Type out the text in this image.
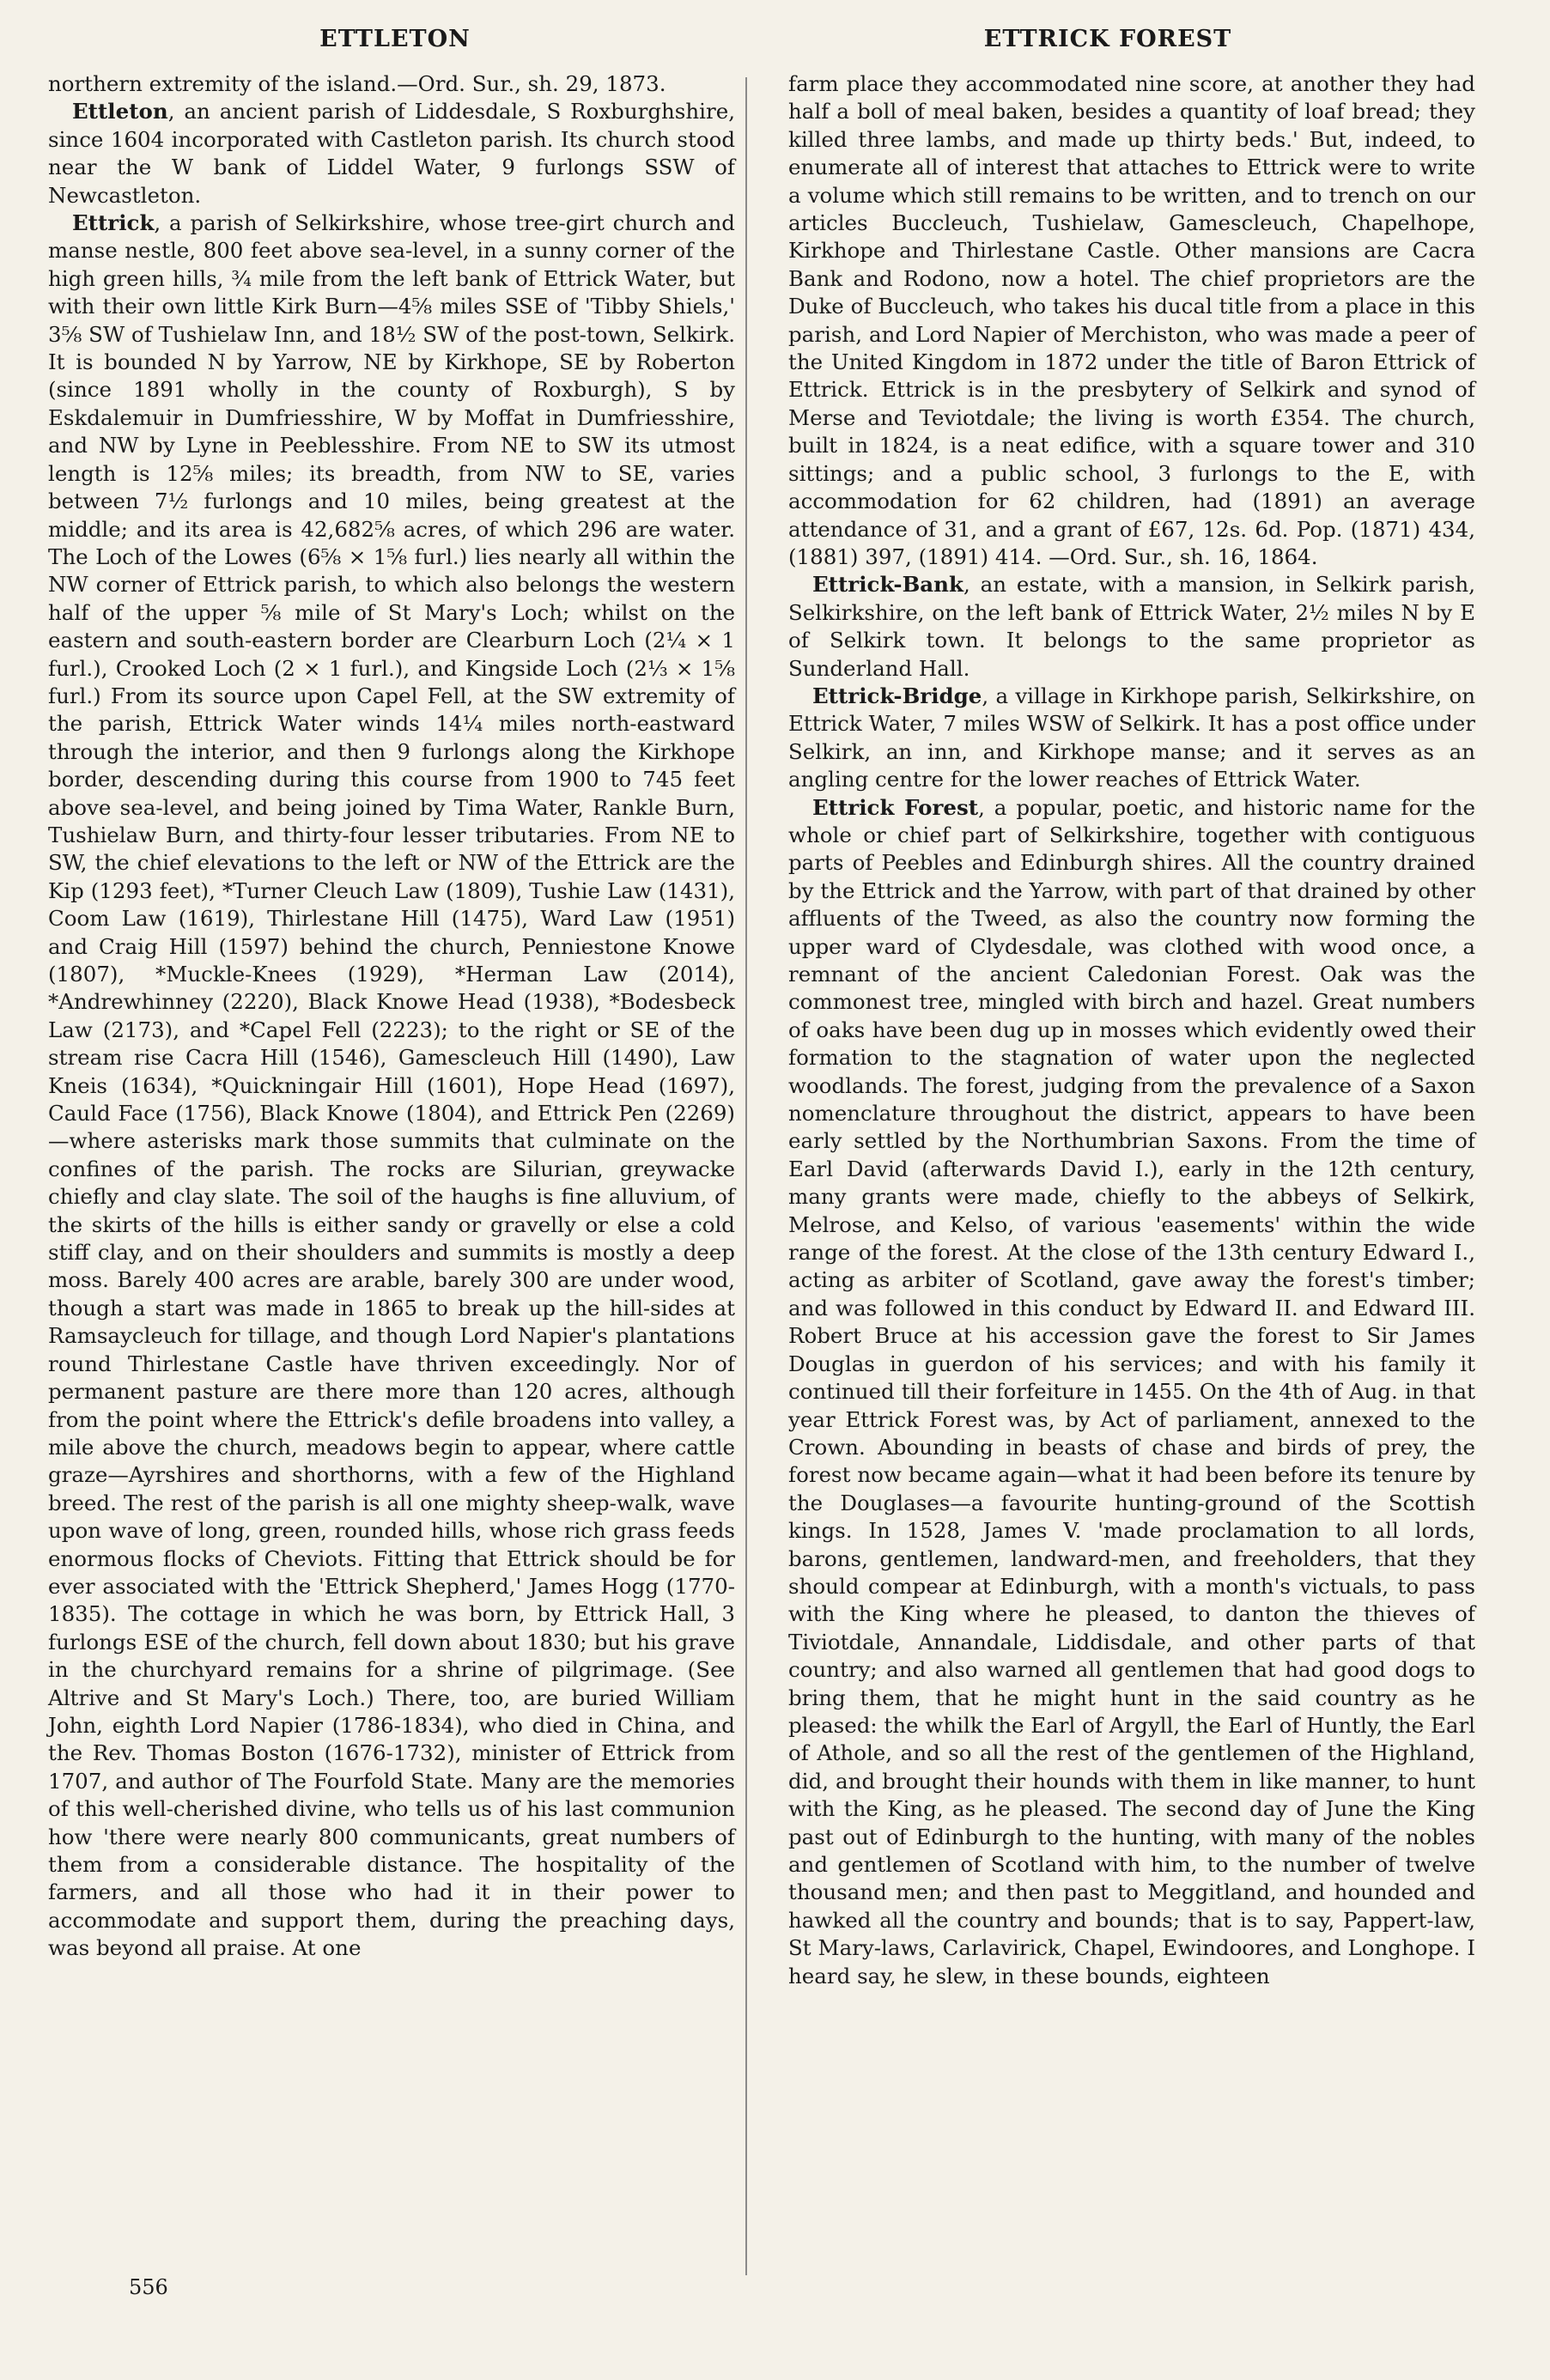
ETTLETON	ETTRICK FOREST

northern extremity of the island.—Ord. Sur., sh. 29, 1873.

Ettleton, an ancient parish of Liddesdale, S Roxburghshire, since 1604 incorporated with Castleton parish. Its church stood near the W bank of Liddel Water, 9 furlongs SSW of Newcastleton.

Ettrick, a parish of Selkirkshire, whose tree-girt church and manse nestle, 800 feet above sea-level, in a sunny corner of the high green hills, ¾ mile from the left bank of Ettrick Water, but with their own little Kirk Burn—4⅝ miles SSE of 'Tibby Shiels,' 3⅝ SW of Tushielaw Inn, and 18½ SW of the post-town, Selkirk. It is bounded N by Yarrow, NE by Kirkhope, SE by Roberton (since 1891 wholly in the county of Roxburgh), S by Eskdalemuir in Dumfriesshire, W by Moffat in Dumfriesshire, and NW by Lyne in Peeblesshire. From NE to SW its utmost length is 12⅝ miles; its breadth, from NW to SE, varies between 7½ furlongs and 10 miles, being greatest at the middle; and its area is 42,682⅝ acres, of which 296 are water. The Loch of the Lowes (6⅝ × 1⅝ furl.) lies nearly all within the NW corner of Ettrick parish, to which also belongs the western half of the upper ⅝ mile of St Mary's Loch; whilst on the eastern and south-eastern border are Clearburn Loch (2¼ × 1 furl.), Crooked Loch (2 × 1 furl.), and Kingside Loch (2⅓ × 1⅝ furl.) From its source upon Capel Fell, at the SW extremity of the parish, Ettrick Water winds 14¼ miles north-eastward through the interior, and then 9 furlongs along the Kirkhope border, descending during this course from 1900 to 745 feet above sea-level, and being joined by Tima Water, Rankle Burn, Tushielaw Burn, and thirty-four lesser tributaries. From NE to SW, the chief elevations to the left or NW of the Ettrick are the Kip (1293 feet), *Turner Cleuch Law (1809), Tushie Law (1431), Coom Law (1619), Thirlestane Hill (1475), Ward Law (1951) and Craig Hill (1597) behind the church, Penniestone Knowe (1807), *Muckle-Knees (1929), *Herman Law (2014), *Andrewhinney (2220), Black Knowe Head (1938), *Bodesbeck Law (2173), and *Capel Fell (2223); to the right or SE of the stream rise Cacra Hill (1546), Gamescleuch Hill (1490), Law Kneis (1634), *Quickningair Hill (1601), Hope Head (1697), Cauld Face (1756), Black Knowe (1804), and Ettrick Pen (2269)—where asterisks mark those summits that culminate on the confines of the parish. The rocks are Silurian, greywacke chiefly and clay slate. The soil of the haughs is fine alluvium, of the skirts of the hills is either sandy or gravelly or else a cold stiff clay, and on their shoulders and summits is mostly a deep moss. Barely 400 acres are arable, barely 300 are under wood, though a start was made in 1865 to break up the hill-sides at Ramsaycleuch for tillage, and though Lord Napier's plantations round Thirlestane Castle have thriven exceedingly. Nor of permanent pasture are there more than 120 acres, although from the point where the Ettrick's defile broadens into valley, a mile above the church, meadows begin to appear, where cattle graze—Ayrshires and shorthorns, with a few of the Highland breed. The rest of the parish is all one mighty sheep-walk, wave upon wave of long, green, rounded hills, whose rich grass feeds enormous flocks of Cheviots. Fitting that Ettrick should be for ever associated with the 'Ettrick Shepherd,' James Hogg (1770-1835). The cottage in which he was born, by Ettrick Hall, 3 furlongs ESE of the church, fell down about 1830; but his grave in the churchyard remains for a shrine of pilgrimage. (See Altrive and St Mary's Loch.) There, too, are buried William John, eighth Lord Napier (1786-1834), who died in China, and the Rev. Thomas Boston (1676-1732), minister of Ettrick from 1707, and author of The Fourfold State. Many are the memories of this well-cherished divine, who tells us of his last communion how 'there were nearly 800 communicants, great numbers of them from a considerable distance. The hospitality of the farmers, and all those who had it in their power to accommodate and support them, during the preaching days, was beyond all praise. At one

farm place they accommodated nine score, at another they had half a boll of meal baken, besides a quantity of loaf bread; they killed three lambs, and made up thirty beds.' But, indeed, to enumerate all of interest that attaches to Ettrick were to write a volume which still remains to be written, and to trench on our articles Buccleuch, Tushielaw, Gamescleuch, Chapelhope, Kirkhope and Thirlestane Castle. Other mansions are Cacra Bank and Rodono, now a hotel. The chief proprietors are the Duke of Buccleuch, who takes his ducal title from a place in this parish, and Lord Napier of Merchiston, who was made a peer of the United Kingdom in 1872 under the title of Baron Ettrick of Ettrick. Ettrick is in the presbytery of Selkirk and synod of Merse and Teviotdale; the living is worth £354. The church, built in 1824, is a neat edifice, with a square tower and 310 sittings; and a public school, 3 furlongs to the E, with accommodation for 62 children, had (1891) an average attendance of 31, and a grant of £67, 12s. 6d. Pop. (1871) 434, (1881) 397, (1891) 414. —Ord. Sur., sh. 16, 1864.

Ettrick-Bank, an estate, with a mansion, in Selkirk parish, Selkirkshire, on the left bank of Ettrick Water, 2½ miles N by E of Selkirk town. It belongs to the same proprietor as Sunderland Hall.

Ettrick-Bridge, a village in Kirkhope parish, Selkirkshire, on Ettrick Water, 7 miles WSW of Selkirk. It has a post office under Selkirk, an inn, and Kirkhope manse; and it serves as an angling centre for the lower reaches of Ettrick Water.

Ettrick Forest, a popular, poetic, and historic name for the whole or chief part of Selkirkshire, together with contiguous parts of Peebles and Edinburgh shires. All the country drained by the Ettrick and the Yarrow, with part of that drained by other affluents of the Tweed, as also the country now forming the upper ward of Clydesdale, was clothed with wood once, a remnant of the ancient Caledonian Forest. Oak was the commonest tree, mingled with birch and hazel. Great numbers of oaks have been dug up in mosses which evidently owed their formation to the stagnation of water upon the neglected woodlands. The forest, judging from the prevalence of a Saxon nomenclature throughout the district, appears to have been early settled by the Northumbrian Saxons. From the time of Earl David (afterwards David I.), early in the 12th century, many grants were made, chiefly to the abbeys of Selkirk, Melrose, and Kelso, of various 'easements' within the wide range of the forest. At the close of the 13th century Edward I., acting as arbiter of Scotland, gave away the forest's timber; and was followed in this conduct by Edward II. and Edward III. Robert Bruce at his accession gave the forest to Sir James Douglas in guerdon of his services; and with his family it continued till their forfeiture in 1455. On the 4th of Aug. in that year Ettrick Forest was, by Act of parliament, annexed to the Crown. Abounding in beasts of chase and birds of prey, the forest now became again—what it had been before its tenure by the Douglases—a favourite hunting-ground of the Scottish kings. In 1528, James V. 'made proclamation to all lords, barons, gentlemen, landward-men, and freeholders, that they should compear at Edinburgh, with a month's victuals, to pass with the King where he pleased, to danton the thieves of Tiviotdale, Annandale, Liddisdale, and other parts of that country; and also warned all gentlemen that had good dogs to bring them, that he might hunt in the said country as he pleased: the whilk the Earl of Argyll, the Earl of Huntly, the Earl of Athole, and so all the rest of the gentlemen of the Highland, did, and brought their hounds with them in like manner, to hunt with the King, as he pleased. The second day of June the King past out of Edinburgh to the hunting, with many of the nobles and gentlemen of Scotland with him, to the number of twelve thousand men; and then past to Meggitland, and hounded and hawked all the country and bounds; that is to say, Pappert-law, St Mary-laws, Carlavirick, Chapel, Ewindoores, and Longhope. I heard say, he slew, in these bounds, eighteen

556
